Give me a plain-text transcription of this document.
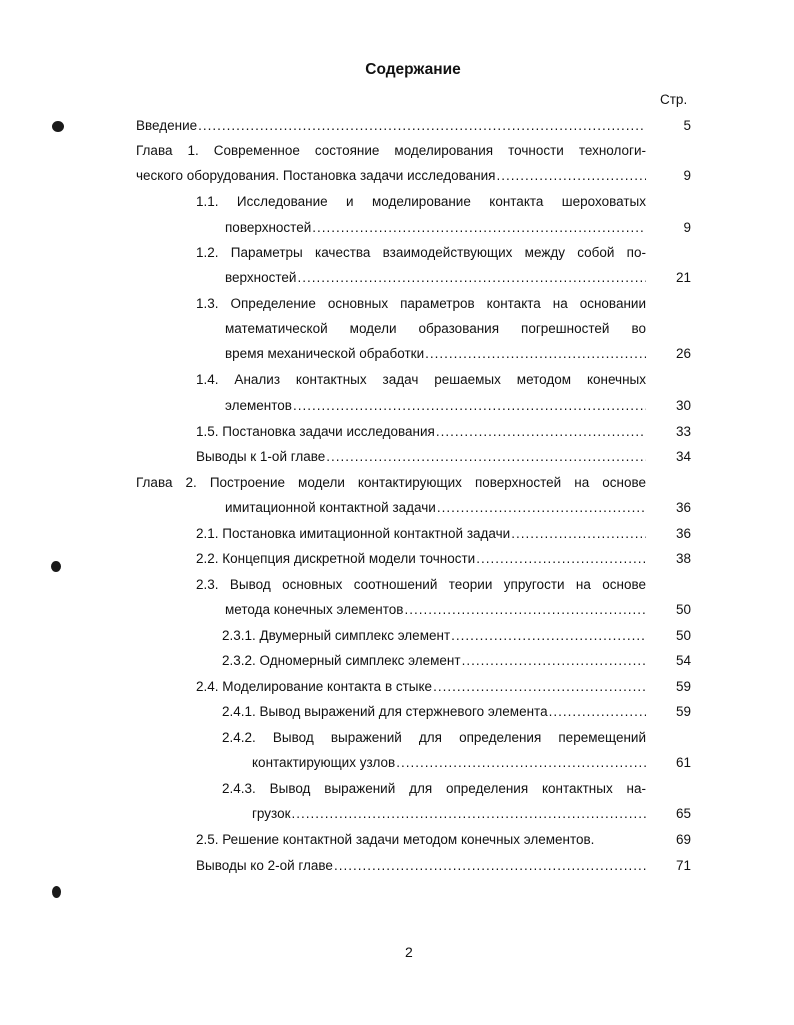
Содержание
Стр.
Введение .....	5
Глава 1. Современное состояние моделирования точности технологи-
ческого оборудования. Постановка задачи исследования .....	9
1.1. Исследование и моделирование контакта шероховатых
поверхностей .....	9
1.2. Параметры качества взаимодействующих между собой по-
верхностей .....	21
1.3. Определение основных параметров контакта на основании
математической модели образования погрешностей во
время механической обработки .....	26
1.4. Анализ контактных задач решаемых методом конечных
элементов .....	30
1.5. Постановка задачи исследования .....	33
Выводы к 1-ой главе .....	34
Глава 2. Построение модели контактирующих поверхностей на основе
имитационной контактной задачи .....	36
2.1. Постановка имитационной контактной задачи .....	36
2.2. Концепция дискретной модели точности .....	38
2.3. Вывод основных соотношений теории упругости на основе
метода конечных элементов .....	50
2.3.1. Двумерный симплекс элемент .....	50
2.3.2. Одномерный симплекс элемент .....	54
2.4. Моделирование контакта в стыке .....	59
2.4.1. Вывод выражений для стержневого элемента .....	59
2.4.2. Вывод выражений для определения перемещений
контактирующих узлов .....	61
2.4.3. Вывод выражений для определения контактных на-
грузок .....	65
2.5. Решение контактной задачи методом конечных элементов.	69
Выводы ко 2-ой главе .....	71
2
